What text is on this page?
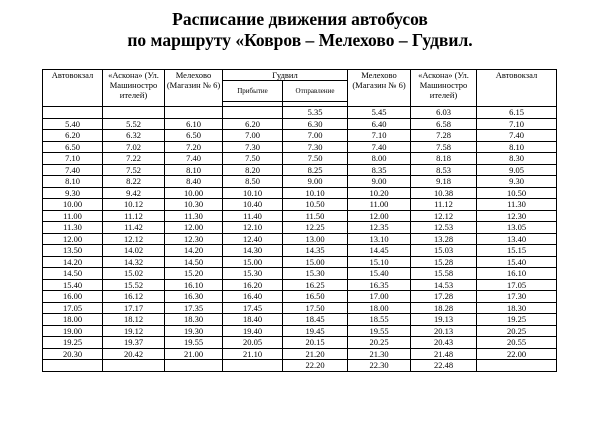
Расписание движения автобусов
по маршруту «Ковров – Мелехово – Гудвил.
Автовокзал	«Аскона» (Ул. Машиностро ителей)	Мелехово (Магазин № 6)	Гудвил		Мелехово (Магазин № 6)	«Аскона» (Ул. Машиностро ителей)	Автовокзал
			Прибытие	Отправление			

				5.35	5.45	6.03	6.15
5.40	5.52	6.10	6.20	6.30	6.40	6.58	7.10
6.20	6.32	6.50	7.00	7.00	7.10	7.28	7.40
6.50	7.02	7.20	7.30	7.30	7.40	7.58	8.10
7.10	7.22	7.40	7.50	7.50	8.00	8.18	8.30
7.40	7.52	8.10	8.20	8.25	8.35	8.53	9.05
8.10	8.22	8.40	8.50	9.00	9.00	9.18	9.30
9.30	9.42	10.00	10.10	10.10	10.20	10.38	10.50
10.00	10.12	10.30	10.40	10.50	11.00	11.12	11.30
11.00	11.12	11.30	11.40	11.50	12.00	12.12	12.30
11.30	11.42	12.00	12.10	12.25	12.35	12.53	13.05
12.00	12.12	12.30	12.40	13.00	13.10	13.28	13.40
13.50	14.02	14.20	14.30	14.35	14.45	15.03	15.15
14.20	14.32	14.50	15.00	15.00	15.10	15.28	15.40
14.50	15.02	15.20	15.30	15.30	15.40	15.58	16.10
15.40	15.52	16.10	16.20	16.25	16.35	14.53	17.05
16.00	16.12	16.30	16.40	16.50	17.00	17.28	17.30
17.05	17.17	17.35	17.45	17.50	18.00	18.28	18.30
18.00	18.12	18.30	18.40	18.45	18.55	19.13	19.25
19.00	19.12	19.30	19.40	19.45	19.55	20.13	20.25
19.25	19.37	19.55	20.05	20.15	20.25	20.43	20.55
20.30	20.42	21.00	21.10	21.20	21.30	21.48	22.00
				22.20	22.30	22.48	
